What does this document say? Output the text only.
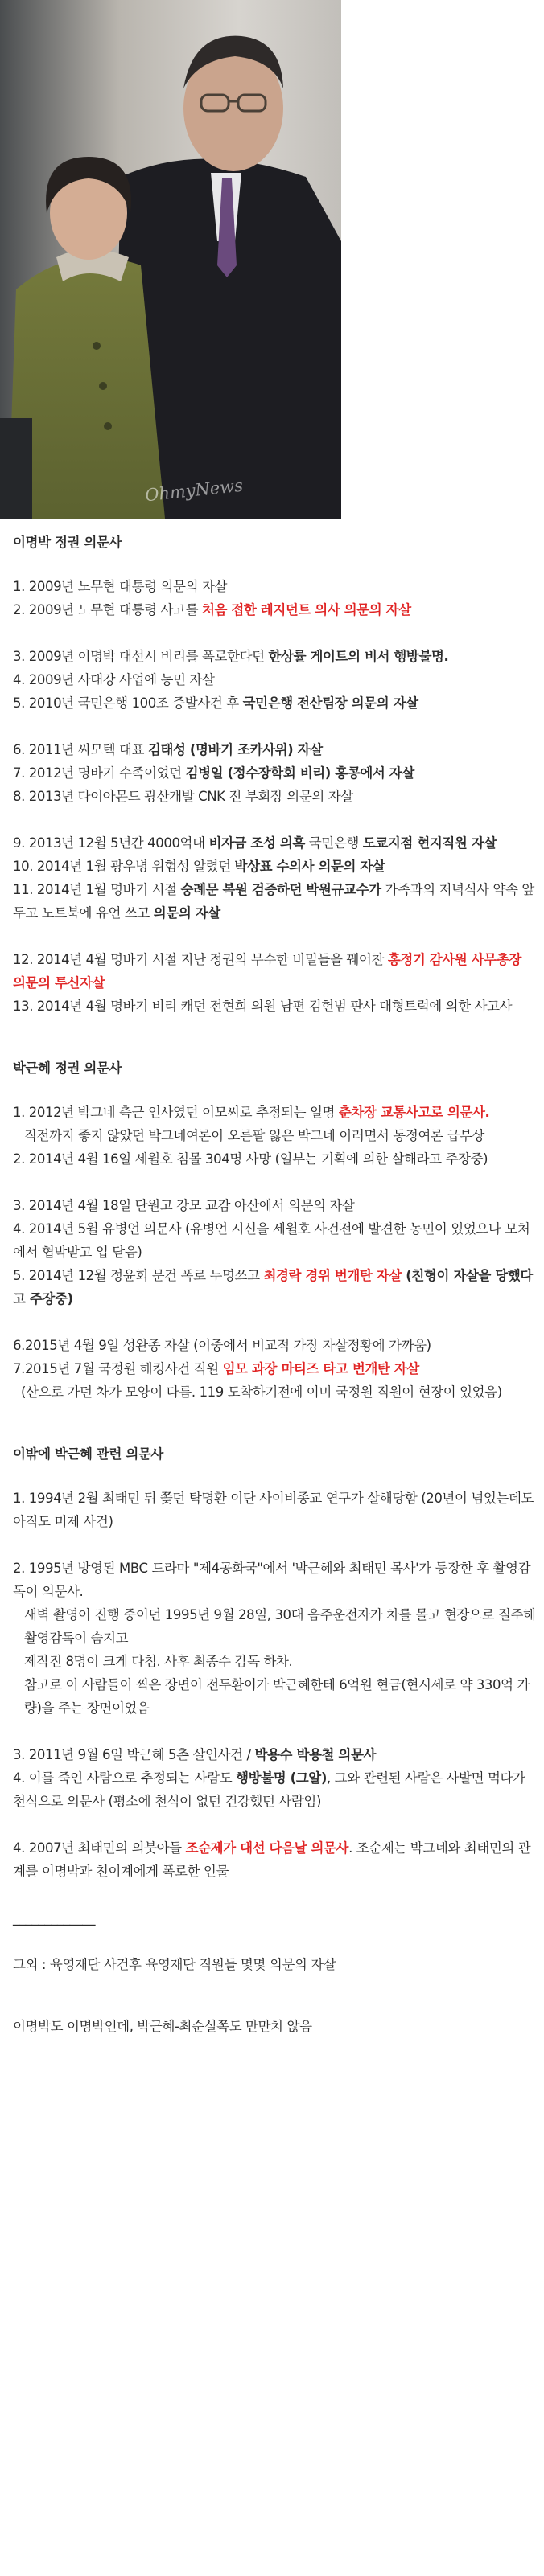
OhmyNews

이명박 정권 의문사

1. 2009년 노무현 대통령 의문의 자살

2. 2009년 노무현 대통령 사고를 처음 접한 레지던트 의사 의문의 자살

3. 2009년 이명박 대선시 비리를 폭로한다던 한상률 게이트의 비서 행방불명.

4. 2009년 사대강 사업에 농민 자살

5. 2010년 국민은행 100조 증발사건 후 국민은행 전산팀장 의문의 자살

6. 2011년 씨모텍 대표 김태성 (명바기 조카사위) 자살

7. 2012년 명바기 수족이었던 김병일 (정수장학회 비리) 홍콩에서 자살

8. 2013년 다이아몬드 광산개발 CNK 전 부회장 의문의 자살

9. 2013년 12월 5년간 4000억대 비자금 조성 의혹 국민은행 도쿄지점 현지직원 자살

10. 2014년 1월 광우병 위험성 알렸던 박상표 수의사 의문의 자살

11. 2014년 1월 명바기 시절 숭례문 복원 검증하던 박원규교수가 가족과의 저녁식사 약속 앞두고 노트북에 유언 쓰고 의문의 자살

12. 2014년 4월 명바기 시절 지난 정권의 무수한 비밀들을 꿰어찬 홍정기 감사원 사무총장 의문의 투신자살

13. 2014년 4월 명바기 비리 캐던 전현희 의원 남편 김헌범 판사 대형트럭에 의한 사고사

박근혜 정권 의문사

1. 2012년 박그네 측근 인사였던 이모씨로 추정되는 일명 춘차장 교통사고로 의문사.

직전까지 좋지 않았던 박그네여론이 오른팔 잃은 박그네 이러면서 동정여론 급부상

2. 2014년 4월 16일 세월호 침몰 304명 사망 (일부는 기획에 의한 살해라고 주장중)

3. 2014년 4월 18일 단원고 강모 교감 아산에서 의문의 자살

4. 2014년 5월 유병언 의문사 (유병언 시신을 세월호 사건전에 발견한 농민이 있었으나 모처에서 협박받고 입 닫음)

5. 2014년 12월 정윤회 문건 폭로 누명쓰고 최경락 경위 번개탄 자살 (친형이 자살을 당했다고 주장중)

6.2015년 4월 9일 성완종 자살 (이중에서 비교적 가장 자살정황에 가까움)

7.2015년 7월 국정원 해킹사건 직원 임모 과장 마티즈 타고 번개탄 자살

(산으로 가던 차가 모양이 다름. 119 도착하기전에 이미 국정원 직원이 현장이 있었음)

이밖에 박근혜 관련 의문사

1. 1994년 2월 최태민 뒤 쫓던 탁명환 이단 사이비종교 연구가 살해당함 (20년이 넘었는데도 아직도 미제 사건)

2. 1995년 방영된 MBC 드라마 "제4공화국"에서 '박근혜와 최태민 목사'가 등장한 후 촬영감독이 의문사.

새벽 촬영이 진행 중이던 1995년 9월 28일, 30대 음주운전자가 차를 몰고 현장으로 질주해 촬영감독이 숨지고

제작진 8명이 크게 다침. 사후 최종수 감독 하차.

참고로 이 사람들이 찍은 장면이 전두환이가 박근혜한테 6억원 현금(현시세로 약 330억 가량)을 주는 장면이었음

3. 2011년 9월 6일 박근혜 5촌 살인사건 / 박용수 박용철 의문사

4. 이를 죽인 사람으로 추정되는 사람도 행방불명 (그알), 그와 관련된 사람은 사발면 먹다가 천식으로 의문사 (평소에 천식이 없던 건강했던 사람임)

4. 2007년 최태민의 의붓아들 조순제가 대선 다음날 의문사. 조순제는 박그네와 최태민의 관계를 이명박과 친이계에게 폭로한 인물

_____________

그외 : 육영재단 사건후 육영재단 직원들 몇몇 의문의 자살

이명박도 이명박인데, 박근혜-최순실쪽도 만만치 않음
